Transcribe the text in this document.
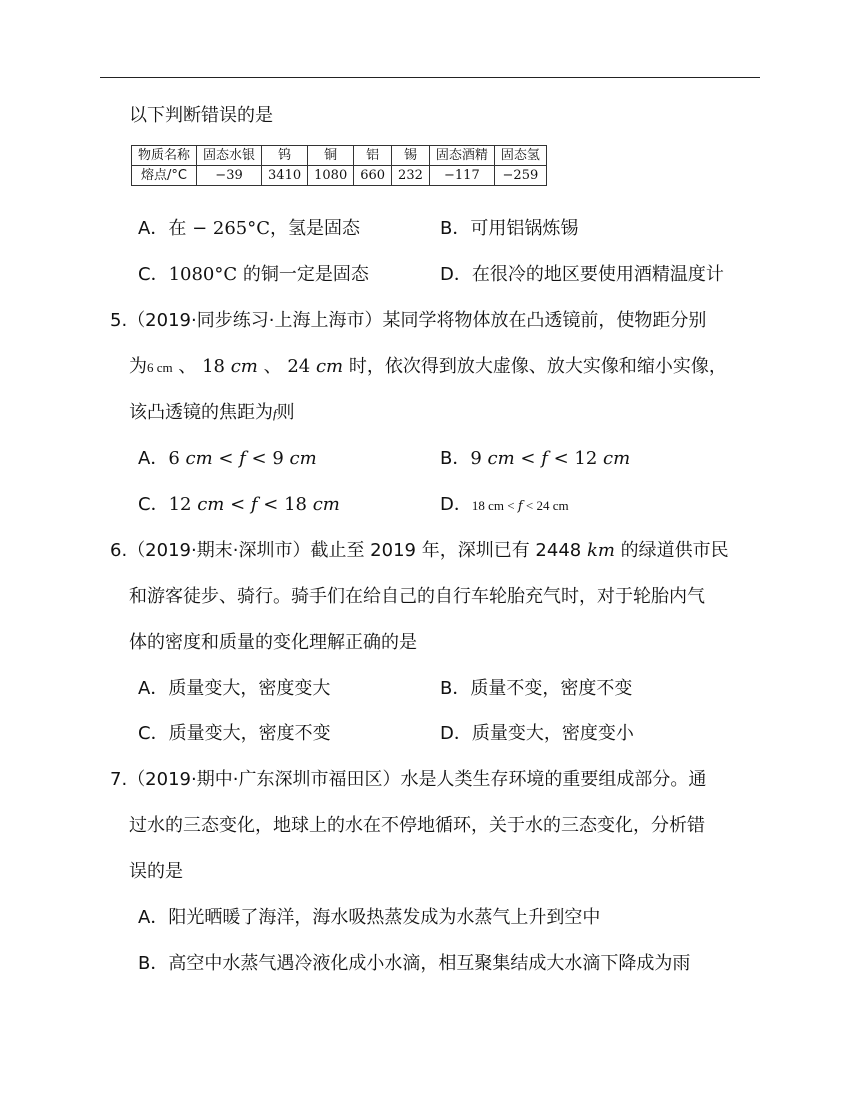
以下判断错误的是
物质名称	固态水银	钨	铜	铝	锡	固态酒精	固态氢
熔点/°C	−39	3410	1080	660	232	−117	−259
A．在 − 265°C，氢是固态	B．可用铝锅炼锡
C．1080°C 的铜一定是固态	D．在很冷的地区要使用酒精温度计
5.（2019·同步练习·上海上海市）某同学将物体放在凸透镜前，使物距分别
为6 cm 、 18 𝑐𝑚 、 24 𝑐𝑚 时，依次得到放大虚像、放大实像和缩小实像，
该凸透镜的焦距为f则
A．6 𝑐𝑚 < 𝑓 < 9 𝑐𝑚	B．9 𝑐𝑚 < 𝑓 < 12 𝑐𝑚
C．12 𝑐𝑚 < 𝑓 < 18 𝑐𝑚	D．18 cm < 𝑓 < 24 cm
6.（2019·期末·深圳市）截止至 2019 年，深圳已有 2448 𝑘𝑚 的绿道供市民
和游客徒步、骑行。骑手们在给自己的自行车轮胎充气时，对于轮胎内气
体的密度和质量的变化理解正确的是
A．质量变大，密度变大	B．质量不变，密度不变
C．质量变大，密度不变	D．质量变大，密度变小
7.（2019·期中·广东深圳市福田区）水是人类生存环境的重要组成部分。通
过水的三态变化，地球上的水在不停地循环，关于水的三态变化，分析错
误的是
A．阳光晒暖了海洋，海水吸热蒸发成为水蒸气上升到空中
B．高空中水蒸气遇冷液化成小水滴，相互聚集结成大水滴下降成为雨
